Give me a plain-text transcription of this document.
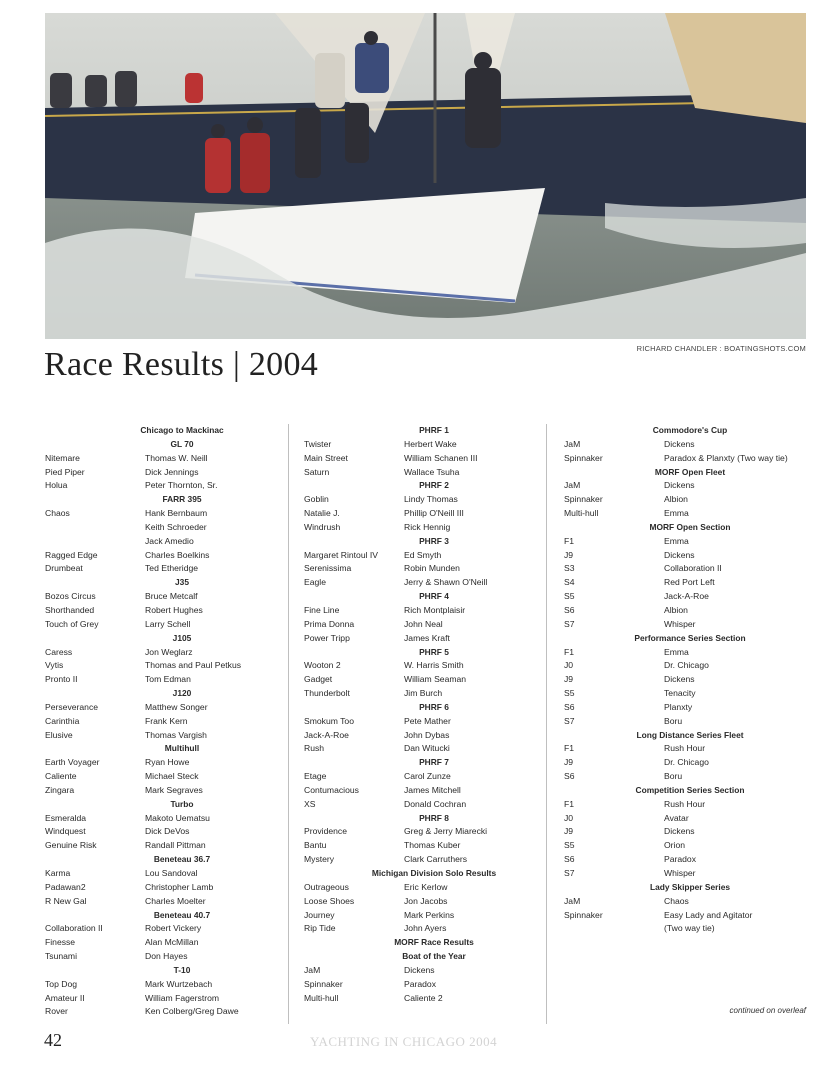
RICHARD CHANDLER : BOATINGSHOTS.COM
Race Results | 2004
Chicago to Mackinac
GL 70
Nitemare	Thomas W. Neill
Pied Piper	Dick Jennings
Holua	Peter Thornton, Sr.
FARR 395
Chaos	Hank Bernbaum
Keith Schroeder
Jack Amedio
Ragged Edge	Charles Boelkins
Drumbeat	Ted Etheridge
J35
Bozos Circus	Bruce Metcalf
Shorthanded	Robert Hughes
Touch of Grey	Larry Schell
J105
Caress	Jon Weglarz
Vytis	Thomas and Paul Petkus
Pronto II	Tom Edman
J120
Perseverance	Matthew Songer
Carinthia	Frank Kern
Elusive	Thomas Vargish
Multihull
Earth Voyager	Ryan Howe
Caliente	Michael Steck
Zingara	Mark Segraves
Turbo
Esmeralda	Makoto Uematsu
Windquest	Dick DeVos
Genuine Risk	Randall Pittman
Beneteau 36.7
Karma	Lou Sandoval
Padawan2	Christopher Lamb
R New Gal	Charles Moelter
Beneteau 40.7
Collaboration II	Robert Vickery
Finesse	Alan McMillan
Tsunami	Don Hayes
T-10
Top Dog	Mark Wurtzebach
Amateur II	William Fagerstrom
Rover	Ken Colberg/Greg Dawe
PHRF 1
Twister	Herbert Wake
Main Street	William Schanen III
Saturn	Wallace Tsuha
PHRF 2
Goblin	Lindy Thomas
Natalie J.	Phillip O'Neill III
Windrush	Rick Hennig
PHRF 3
Margaret Rintoul IV	Ed Smyth
Serenissima	Robin Munden
Eagle	Jerry & Shawn O'Neill
PHRF 4
Fine Line	Rich Montplaisir
Prima Donna	John Neal
Power Tripp	James Kraft
PHRF 5
Wooton 2	W. Harris Smith
Gadget	William Seaman
Thunderbolt	Jim Burch
PHRF 6
Smokum Too	Pete Mather
Jack-A-Roe	John Dybas
Rush	Dan Witucki
PHRF 7
Etage	Carol Zunze
Contumacious	James Mitchell
XS	Donald Cochran
PHRF 8
Providence	Greg & Jerry Miarecki
Bantu	Thomas Kuber
Mystery	Clark Carruthers
Michigan Division Solo Results
Outrageous	Eric Kerlow
Loose Shoes	Jon Jacobs
Journey	Mark Perkins
Rip Tide	John Ayers
MORF Race Results
Boat of the Year
JaM	Dickens
Spinnaker	Paradox
Multi-hull	Caliente 2
Commodore's Cup
JaM	Dickens
Spinnaker	Paradox & Planxty (Two way tie)
MORF Open Fleet
JaM	Dickens
Spinnaker	Albion
Multi-hull	Emma
MORF Open Section
F1	Emma
J9	Dickens
S3	Collaboration II
S4	Red Port Left
S5	Jack-A-Roe
S6	Albion
S7	Whisper
Performance Series Section
F1	Emma
J0	Dr. Chicago
J9	Dickens
S5	Tenacity
S6	Planxty
S7	Boru
Long Distance Series Fleet
F1	Rush Hour
J9	Dr. Chicago
S6	Boru
Competition Series Section
F1	Rush Hour
J0	Avatar
J9	Dickens
S5	Orion
S6	Paradox
S7	Whisper
Lady Skipper Series
JaM	Chaos
Spinnaker	Easy Lady and Agitator
(Two way tie)
continued on overleaf
42	YACHTING IN CHICAGO 2004
